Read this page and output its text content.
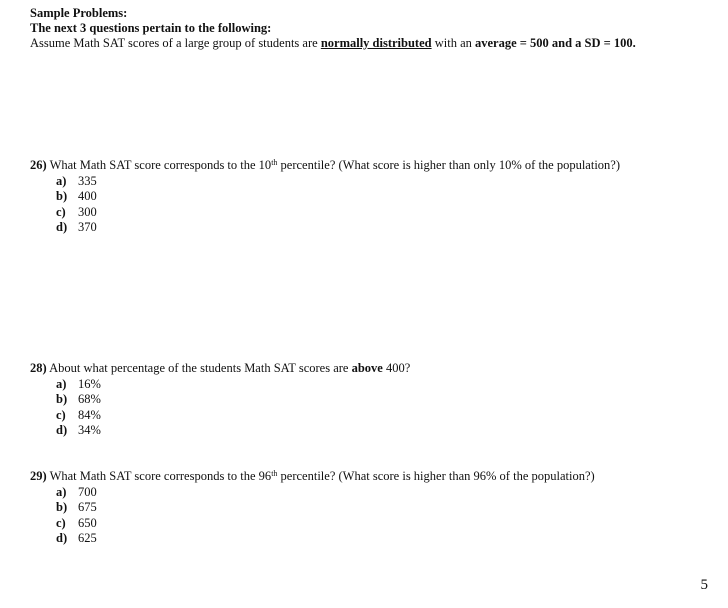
Sample Problems:
The next 3 questions pertain to the following:
Assume Math SAT scores of a large group of students are normally distributed with an average = 500 and a SD = 100.
26) What Math SAT score corresponds to the 10th percentile? (What score is higher than only 10% of the population?)
a) 335
b) 400
c) 300
d) 370
28) About what percentage of the students Math SAT scores are above 400?
a) 16%
b) 68%
c) 84%
d) 34%
29) What Math SAT score corresponds to the 96th percentile? (What score is higher than 96% of the population?)
a) 700
b) 675
c) 650
d) 625
5
